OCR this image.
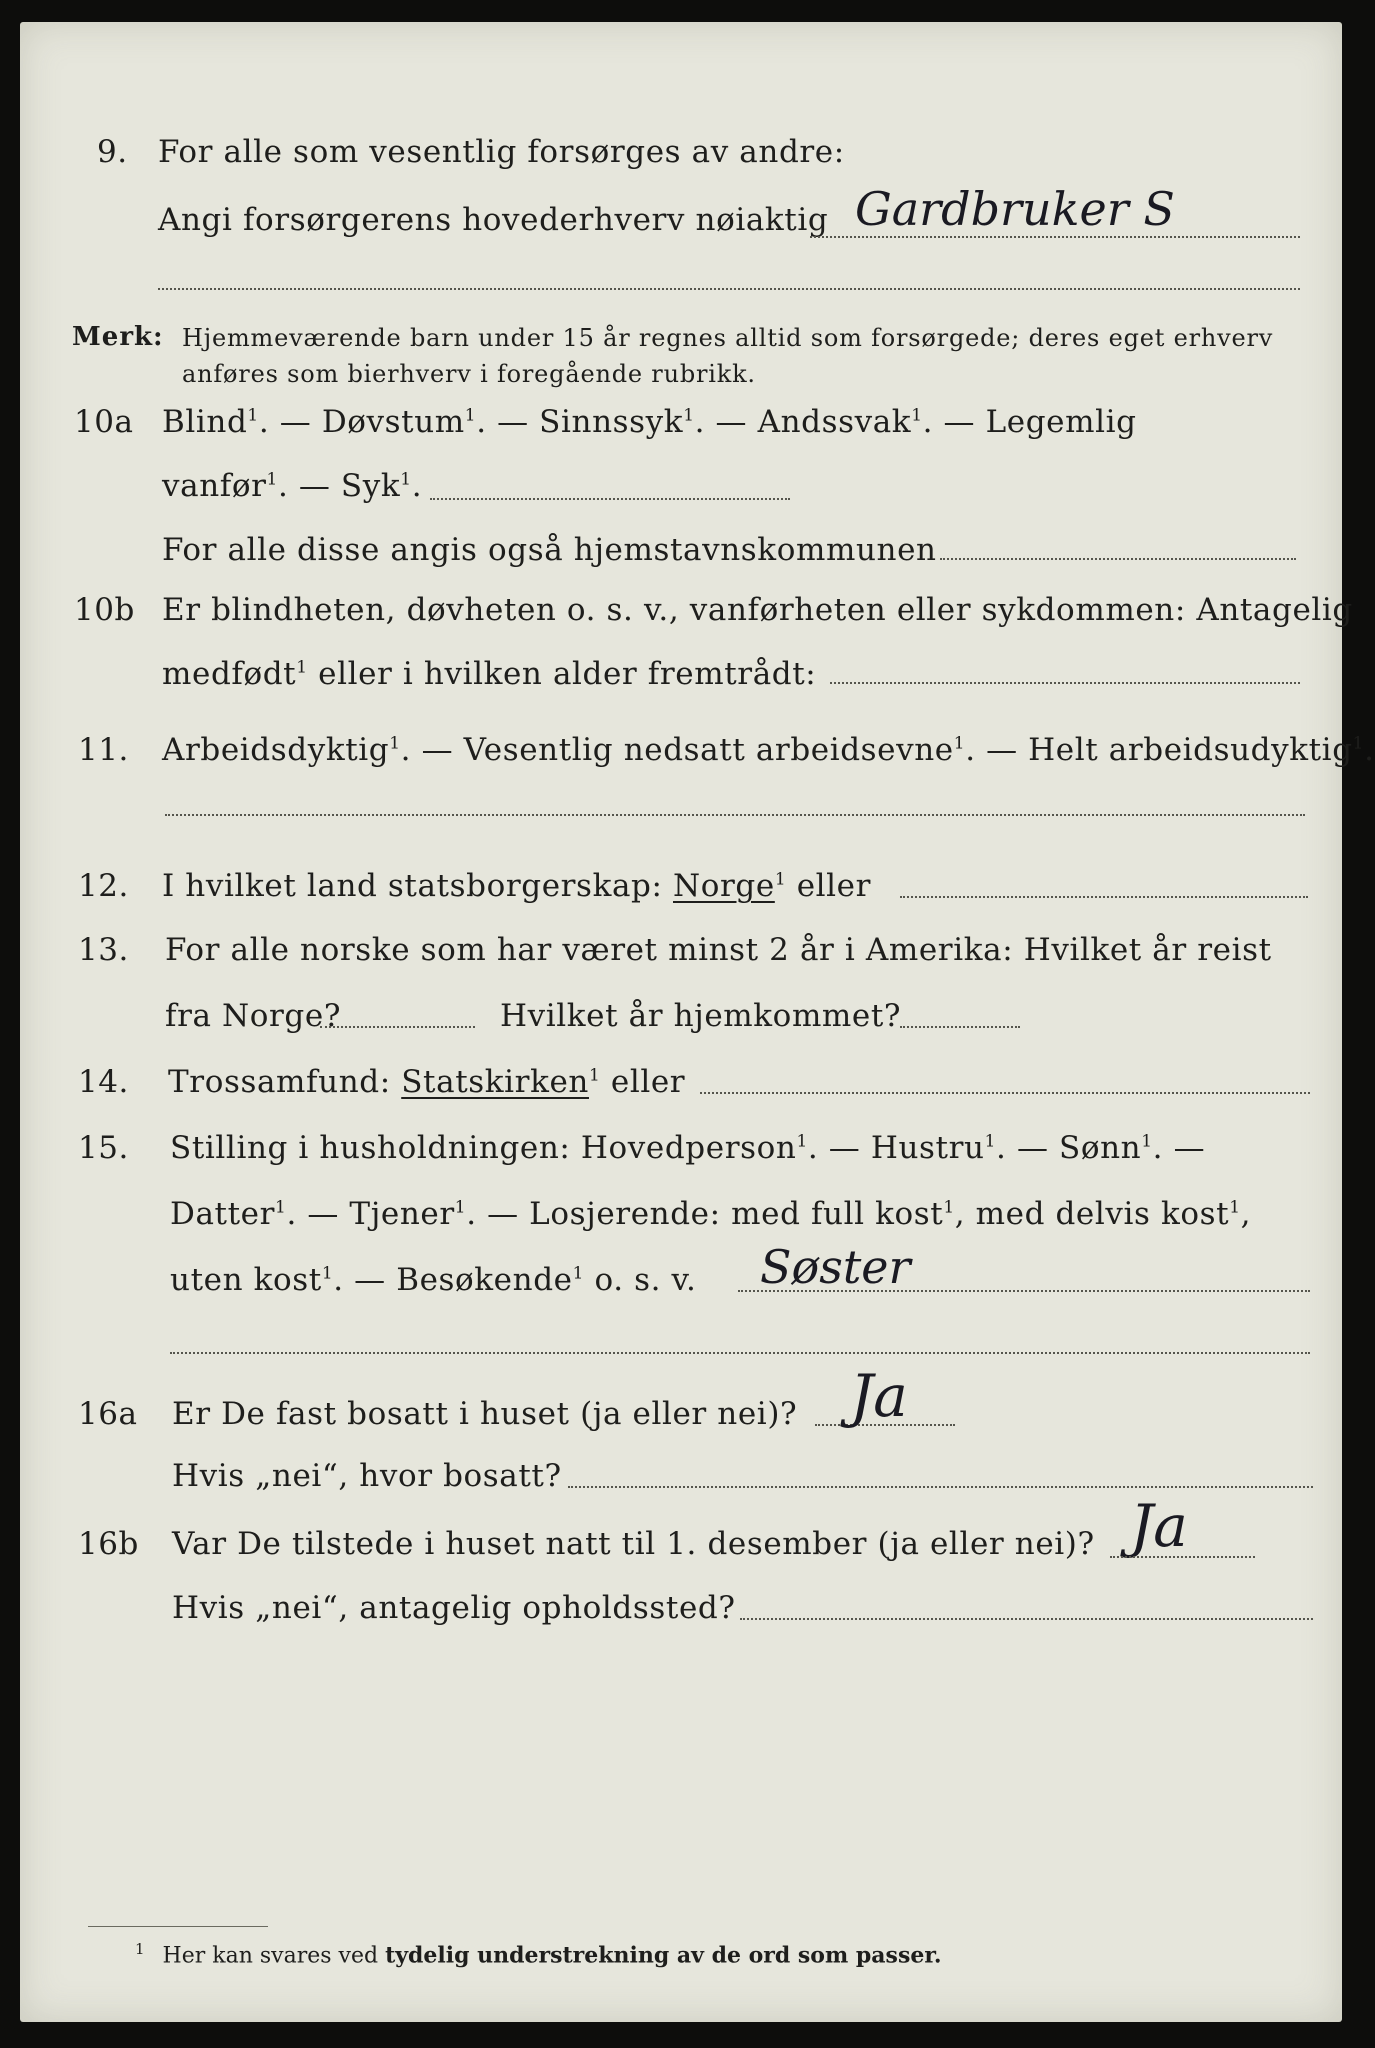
9. For alle som vesentlig forsørges av andre:
Angi forsørgerens hovederhverv nøiaktig Gardbruker S
Merk: Hjemmeværende barn under 15 år regnes alltid som forsørgede; deres eget erhverv
anføres som bierhverv i foregående rubrikk.
10a Blind$^1$. — Døvstum$^1$. — Sinnssyk$^1$. — Andssvak$^1$. — Legemlig
vanfør$^1$. — Syk$^1$.
For alle disse angis også hjemstavnskommunen
10b Er blindheten, døvheten o. s. v., vanførheten eller sykdommen: Antagelig
medfødt$^1$ eller i hvilken alder fremtrådt:
11. Arbeidsdyktig$^1$. — Vesentlig nedsatt arbeidsevne$^1$. — Helt arbeidsudyktig$^1$.
12. I hvilket land statsborgerskap: Norge$^1$ eller
13. For alle norske som har været minst 2 år i Amerika: Hvilket år reist
fra Norge?	Hvilket år hjemkommet?
14. Trossamfund: Statskirken$^1$ eller
15. Stilling i husholdningen: Hovedperson$^1$. — Hustru$^1$. — Sønn$^1$. —
Datter$^1$. — Tjener$^1$. — Losjerende: med full kost$^1$, med delvis kost$^1$,
uten kost$^1$. — Besøkende$^1$ o. s. v. Søster
16a Er De fast bosatt i huset (ja eller nei)? Ja
Hvis „nei“, hvor bosatt?
16b Var De tilstede i huset natt til 1. desember (ja eller nei)? Ja
Hvis „nei“, antagelig opholdssted?
$^1$ Her kan svares ved tydelig understrekning av de ord som passer.
